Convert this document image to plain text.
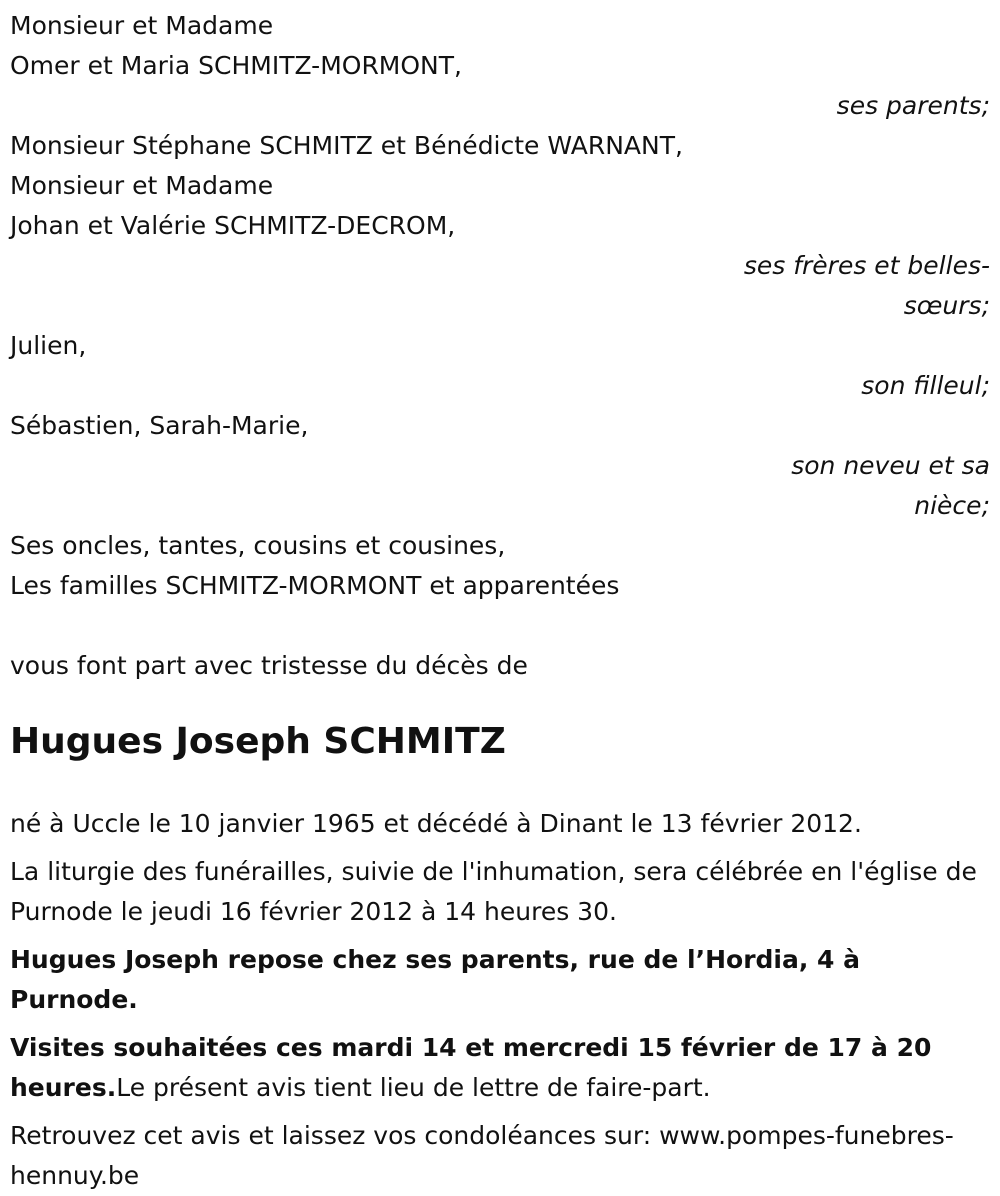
Monsieur et Madame
Omer et Maria SCHMITZ-MORMONT,
ses parents;
Monsieur Stéphane SCHMITZ et Bénédicte WARNANT,
Monsieur et Madame
Johan et Valérie SCHMITZ-DECROM,
ses frères et belles-
sœurs;
Julien,
son filleul;
Sébastien, Sarah-Marie,
son neveu et sa
nièce;
Ses oncles, tantes, cousins et cousines,
Les familles SCHMITZ-MORMONT et apparentées
vous font part avec tristesse du décès de
Hugues Joseph SCHMITZ
né à Uccle le 10 janvier 1965 et décédé à Dinant le 13 février 2012.
La liturgie des funérailles, suivie de l'inhumation, sera célébrée en l'église de Purnode le jeudi 16 février 2012 à 14 heures 30.
Hugues Joseph repose chez ses parents, rue de l’Hordia, 4 à Purnode.
Visites souhaitées ces mardi 14 et mercredi 15 février de 17 à 20 heures.Le présent avis tient lieu de lettre de faire-part.
Retrouvez cet avis et laissez vos condoléances sur: www.pompes-funebres-hennuy.be
